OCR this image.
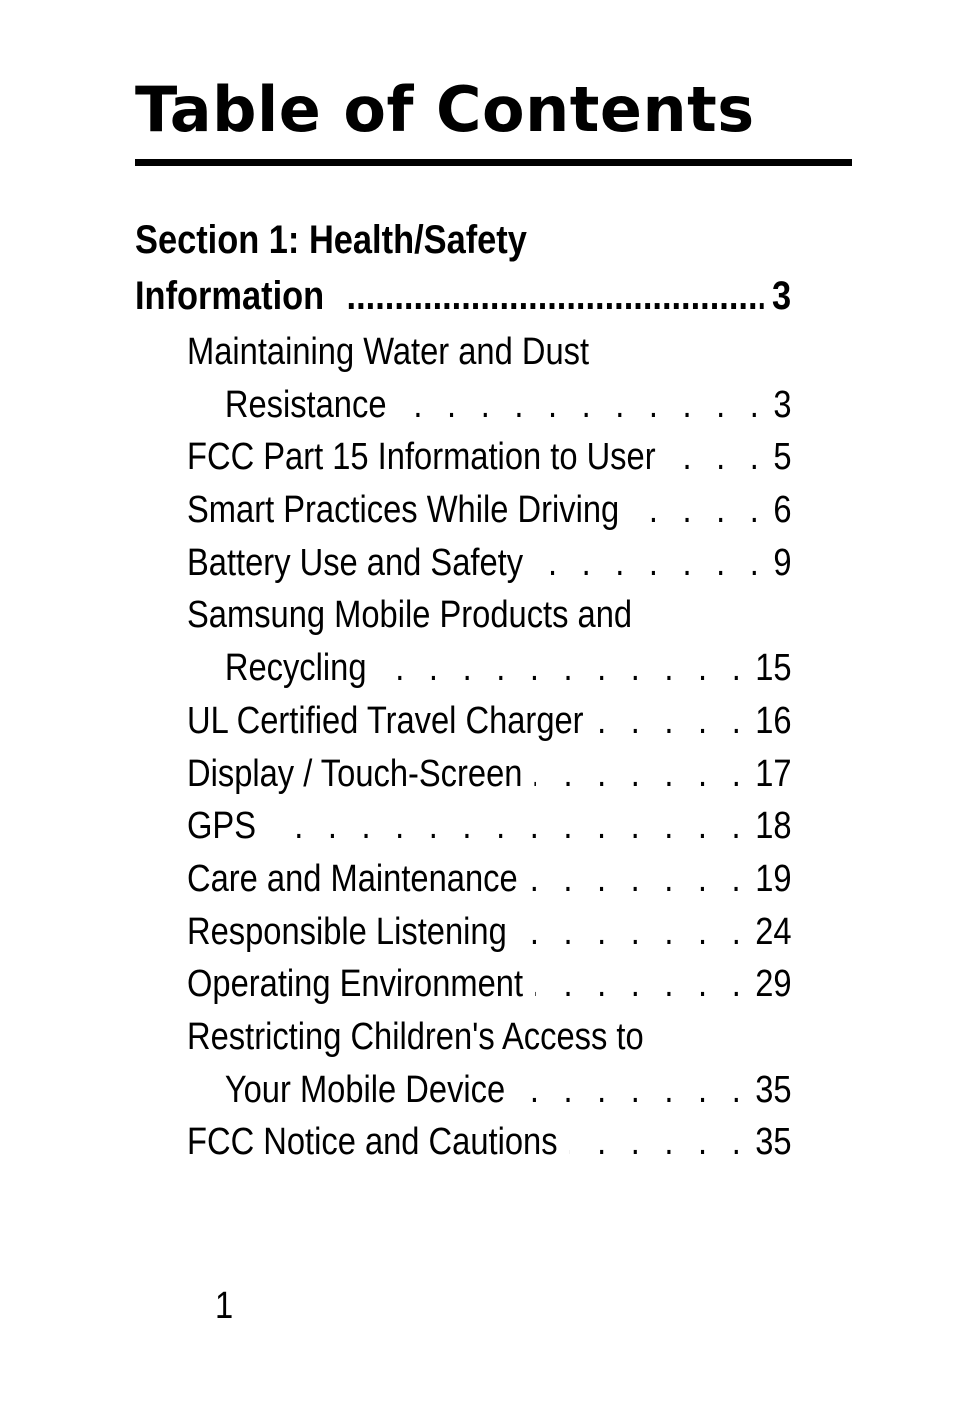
Table of Contents
Section 1: Health/Safety
Information .....	3
Maintaining Water and Dust
Resistance . . .	3
FCC Part 15 Information to User . . .	5
Smart Practices While Driving . . .	6
Battery Use and Safety . . .	9
Samsung Mobile Products and
Recycling . . .	15
UL Certified Travel Charger . . .	16
Display / Touch-Screen . . .	17
GPS . . .	18
Care and Maintenance . . .	19
Responsible Listening . . .	24
Operating Environment . . .	29
Restricting Children's Access to
Your Mobile Device . . .	35
FCC Notice and Cautions . . .	35
1
